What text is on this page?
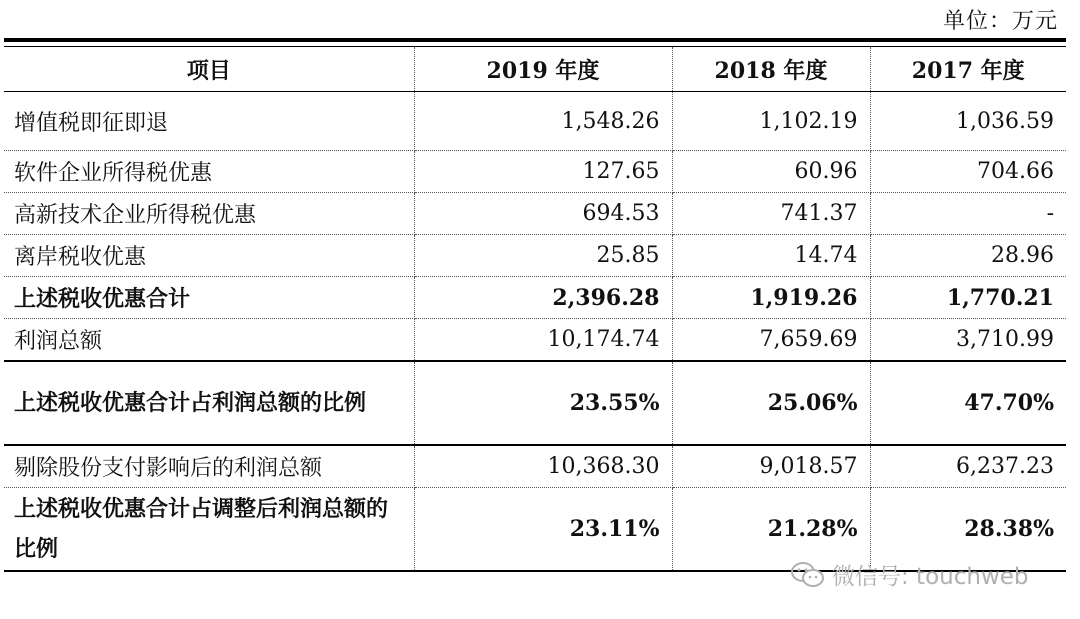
单位：万元
项目	2019 年度	2018 年度	2017 年度
增值税即征即退	1,548.26	1,102.19	1,036.59
软件企业所得税优惠	127.65	60.96	704.66
高新技术企业所得税优惠	694.53	741.37	-
离岸税收优惠	25.85	14.74	28.96
上述税收优惠合计	2,396.28	1,919.26	1,770.21
利润总额	10,174.74	7,659.69	3,710.99
上述税收优惠合计占利润总额的比例	23.55%	25.06%	47.70%
剔除股份支付影响后的利润总额	10,368.30	9,018.57	6,237.23
上述税收优惠合计占调整后利润总额的比例	23.11%	21.28%	28.38%
微信号: touchweb
